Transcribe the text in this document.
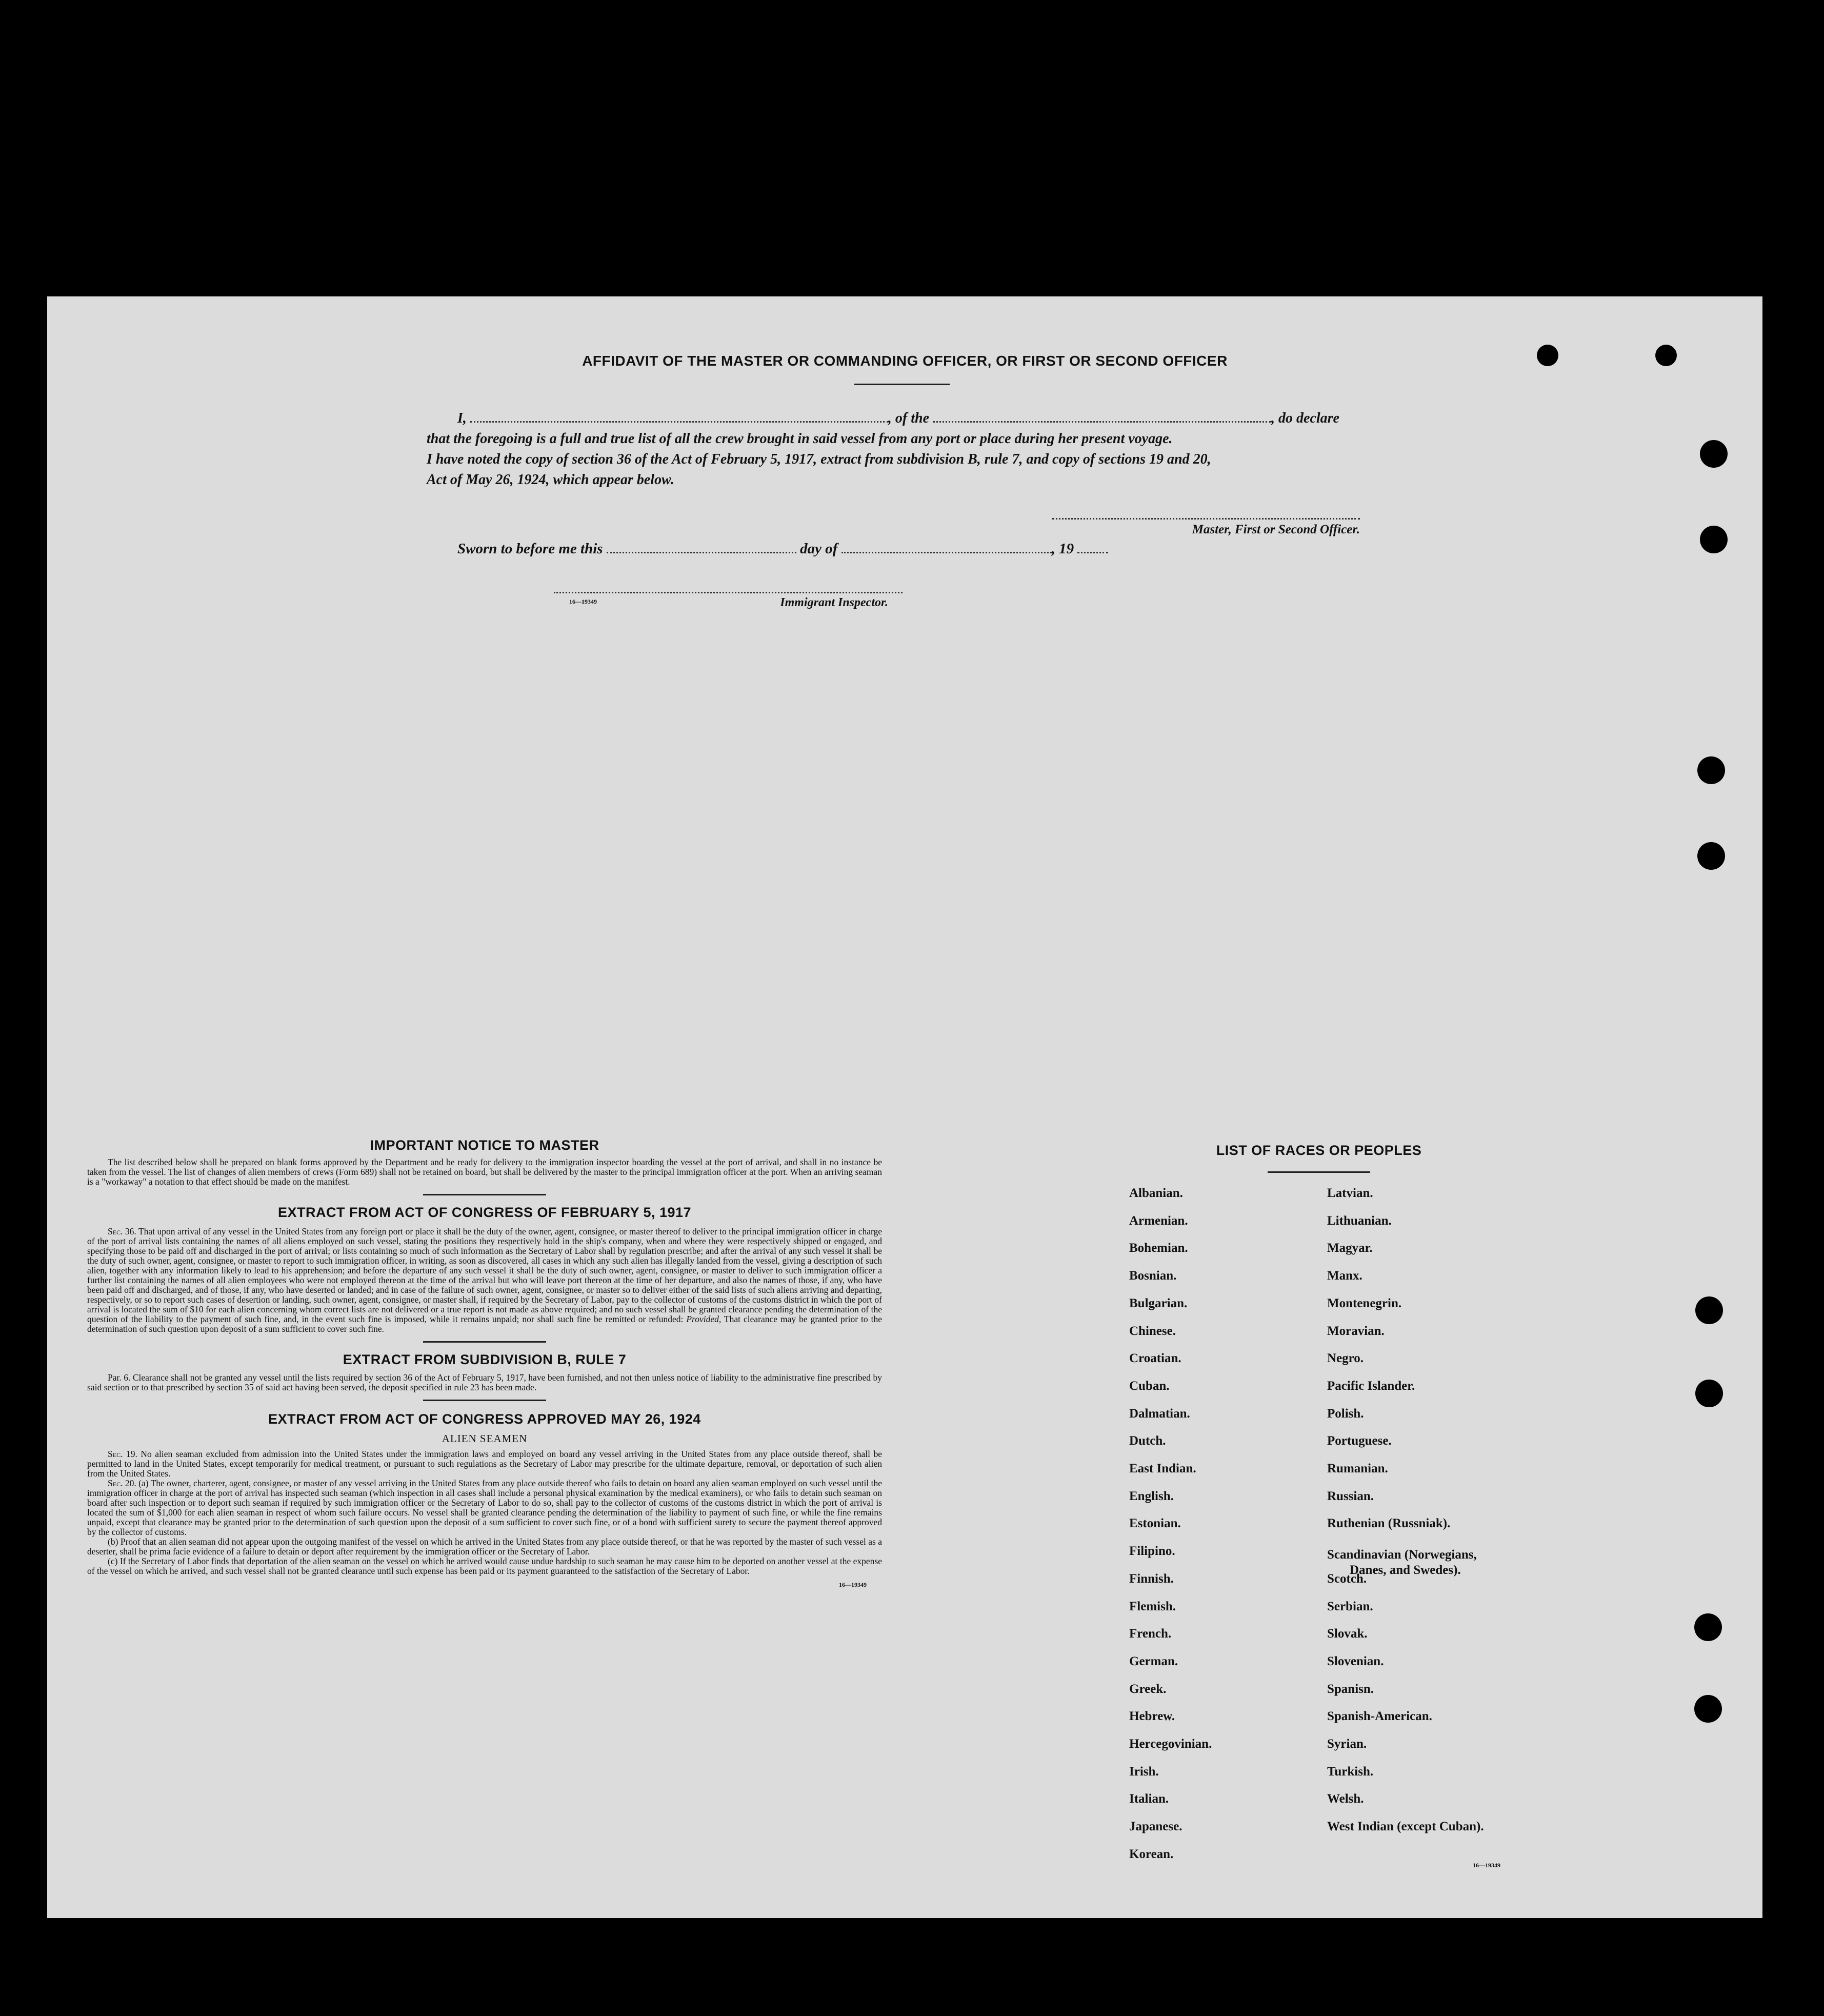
AFFIDAVIT OF THE MASTER OR COMMANDING OFFICER, OR FIRST OR SECOND OFFICER

I,	, of the	, do declare

that the foregoing is a full and true list of all the crew brought in said vessel from any port or place during her present voyage.

I have noted the copy of section 36 of the Act of February 5, 1917, extract from subdivision B, rule 7, and copy of sections 19 and 20,

Act of May 26, 1924, which appear below.

Master, First or Second Officer.
Sworn to before me this	day of	, 19
16—19349	Immigrant Inspector.
IMPORTANT NOTICE TO MASTER

The list described below shall be prepared on blank forms approved by the Department and be ready for delivery to the immigration inspector boarding the vessel at the port of arrival, and shall in no instance be taken from the vessel. The list of changes of alien members of crews (Form 689) shall not be retained on board, but shall be delivered by the master to the principal immigration officer at the port. When an arriving seaman is a "workaway" a notation to that effect should be made on the manifest.

EXTRACT FROM ACT OF CONGRESS OF FEBRUARY 5, 1917

Sec. 36. That upon arrival of any vessel in the United States from any foreign port or place it shall be the duty of the owner, agent, consignee, or master thereof to deliver to the principal immigration officer in charge of the port of arrival lists containing the names of all aliens employed on such vessel, stating the positions they respectively hold in the ship's company, when and where they were respectively shipped or engaged, and specifying those to be paid off and discharged in the port of arrival; or lists containing so much of such information as the Secretary of Labor shall by regulation prescribe; and after the arrival of any such vessel it shall be the duty of such owner, agent, consignee, or master to report to such immigration officer, in writing, as soon as discovered, all cases in which any such alien has illegally landed from the vessel, giving a description of such alien, together with any information likely to lead to his apprehension; and before the departure of any such vessel it shall be the duty of such owner, agent, consignee, or master to deliver to such immigration officer a further list containing the names of all alien employees who were not employed thereon at the time of the arrival but who will leave port thereon at the time of her departure, and also the names of those, if any, who have been paid off and discharged, and of those, if any, who have deserted or landed; and in case of the failure of such owner, agent, consignee, or master so to deliver either of the said lists of such aliens arriving and departing, respectively, or so to report such cases of desertion or landing, such owner, agent, consignee, or master shall, if required by the Secretary of Labor, pay to the collector of customs of the customs district in which the port of arrival is located the sum of $10 for each alien concerning whom correct lists are not delivered or a true report is not made as above required; and no such vessel shall be granted clearance pending the determination of the question of the liability to the payment of such fine, and, in the event such fine is imposed, while it remains unpaid; nor shall such fine be remitted or refunded: Provided, That clearance may be granted prior to the determination of such question upon deposit of a sum sufficient to cover such fine.

EXTRACT FROM SUBDIVISION B, RULE 7

Par. 6. Clearance shall not be granted any vessel until the lists required by section 36 of the Act of February 5, 1917, have been furnished, and not then unless notice of liability to the administrative fine prescribed by said section or to that prescribed by section 35 of said act having been served, the deposit specified in rule 23 has been made.

EXTRACT FROM ACT OF CONGRESS APPROVED MAY 26, 1924
ALIEN SEAMEN

Sec. 19. No alien seaman excluded from admission into the United States under the immigration laws and employed on board any vessel arriving in the United States from any place outside thereof, shall be permitted to land in the United States, except temporarily for medical treatment, or pursuant to such regulations as the Secretary of Labor may prescribe for the ultimate departure, removal, or deportation of such alien from the United States.

Sec. 20. (a) The owner, charterer, agent, consignee, or master of any vessel arriving in the United States from any place outside thereof who fails to detain on board any alien seaman employed on such vessel until the immigration officer in charge at the port of arrival has inspected such seaman (which inspection in all cases shall include a personal physical examination by the medical examiners), or who fails to detain such seaman on board after such inspection or to deport such seaman if required by such immigration officer or the Secretary of Labor to do so, shall pay to the collector of customs of the customs district in which the port of arrival is located the sum of $1,000 for each alien seaman in respect of whom such failure occurs. No vessel shall be granted clearance pending the determination of the liability to payment of such fine, or while the fine remains unpaid, except that clearance may be granted prior to the determination of such question upon the deposit of a sum sufficient to cover such fine, or of a bond with sufficient surety to secure the payment thereof approved by the collector of customs.

(b) Proof that an alien seaman did not appear upon the outgoing manifest of the vessel on which he arrived in the United States from any place outside thereof, or that he was reported by the master of such vessel as a deserter, shall be prima facie evidence of a failure to detain or deport after requirement by the immigration officer or the Secretary of Labor.

(c) If the Secretary of Labor finds that deportation of the alien seaman on the vessel on which he arrived would cause undue hardship to such seaman he may cause him to be deported on another vessel at the expense of the vessel on which he arrived, and such vessel shall not be granted clearance until such expense has been paid or its payment guaranteed to the satisfaction of the Secretary of Labor.

16—19349
LIST OF RACES OR PEOPLES
Albanian.
Armenian.
Bohemian.
Bosnian.
Bulgarian.
Chinese.
Croatian.
Cuban.
Dalmatian.
Dutch.
East Indian.
English.
Estonian.
Filipino.
Finnish.
Flemish.
French.
German.
Greek.
Hebrew.
Hercegovinian.
Irish.
Italian.
Japanese.
Korean.
Latvian.
Lithuanian.
Magyar.
Manx.
Montenegrin.
Moravian.
Negro.
Pacific Islander.
Polish.
Portuguese.
Rumanian.
Russian.
Ruthenian (Russniak).
Scandinavian (Norwegians,
Danes, and Swedes).
Scotch.
Serbian.
Slovak.
Slovenian.
Spanisn.
Spanish-American.
Syrian.
Turkish.
Welsh.
West Indian (except Cuban).
16—19349
